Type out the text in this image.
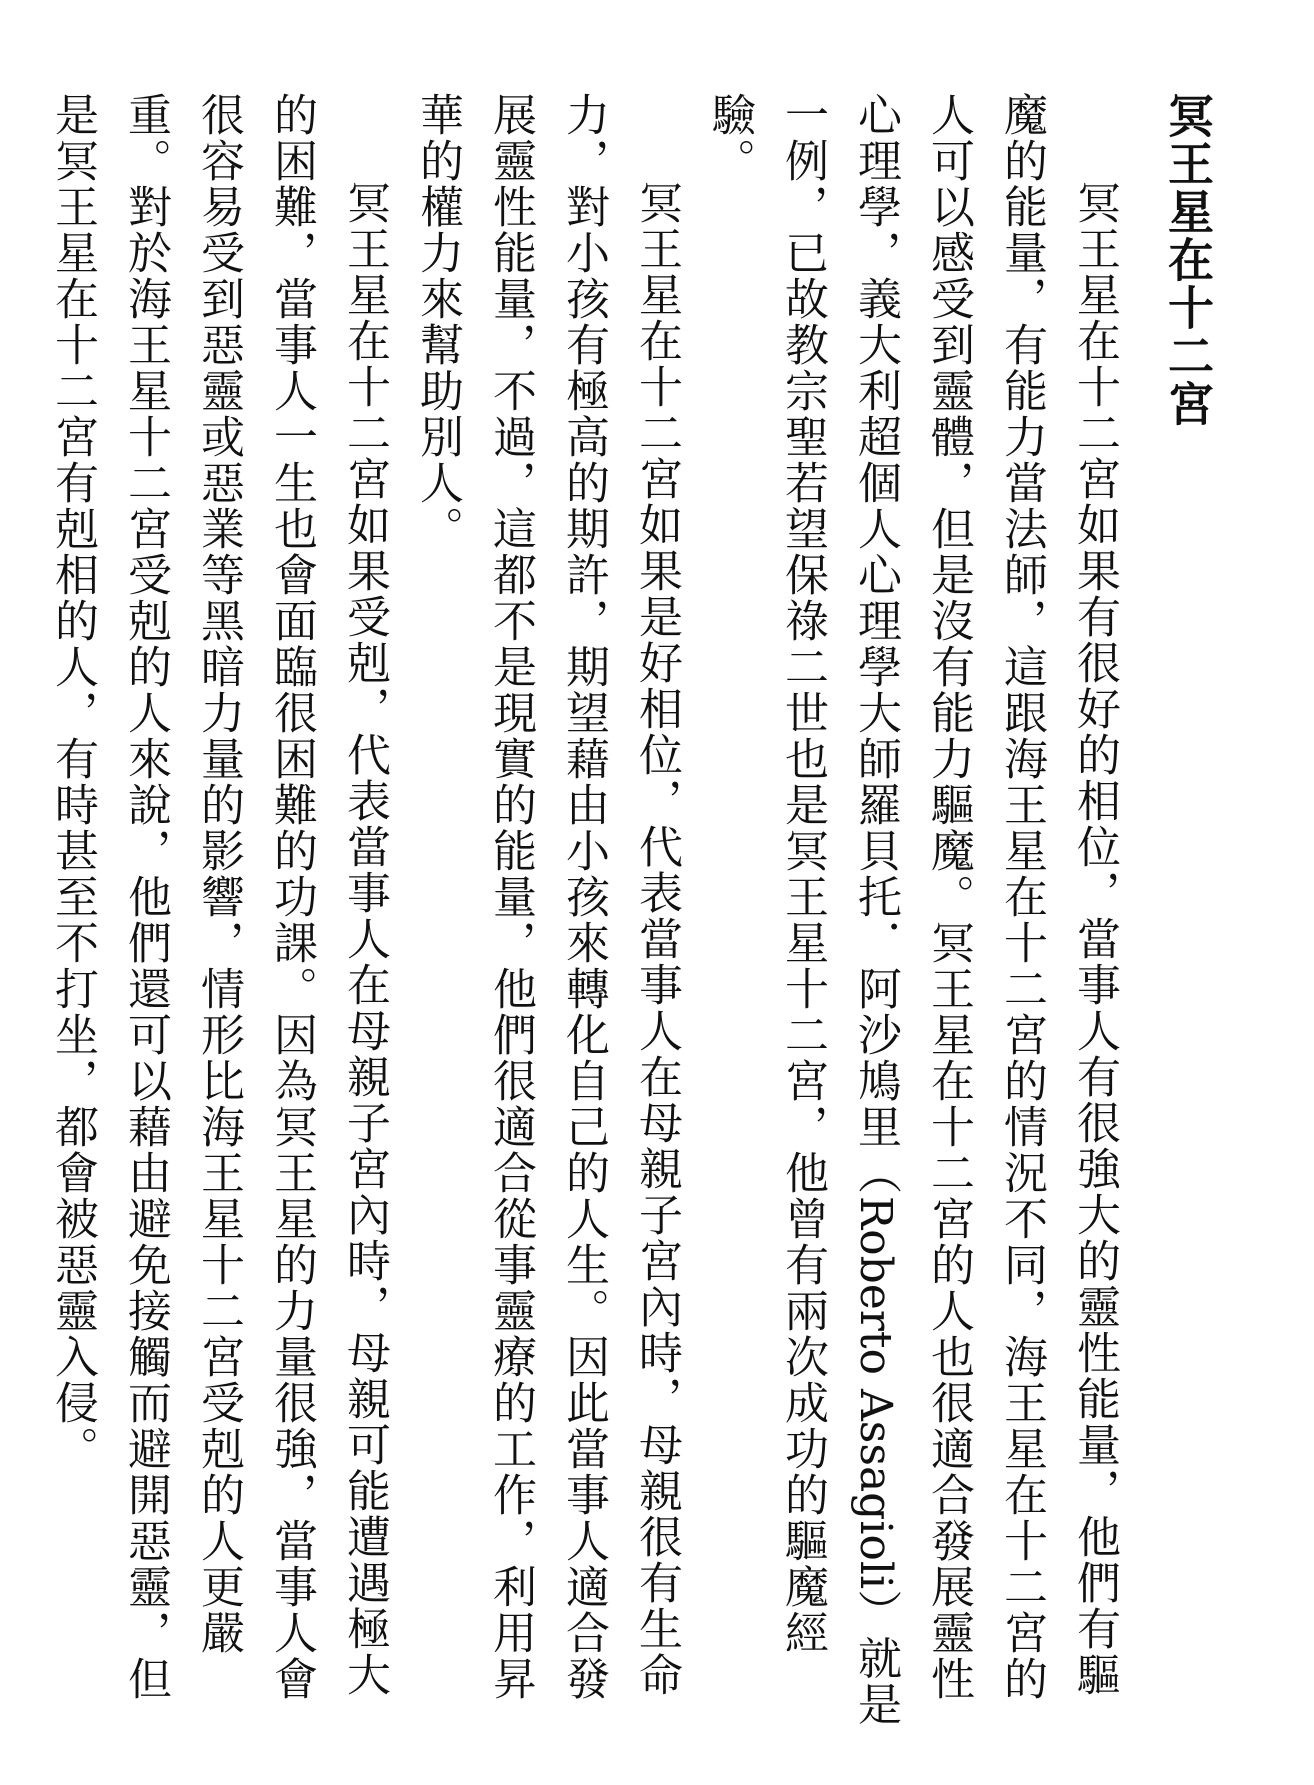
冥王星在十二宮

冥王星在十二宮如果有很好的相位，當事人有很強大的靈性能量，他們有驅魔的能量，有能力當法師，這跟海王星在十二宮的情況不同，海王星在十二宮的人可以感受到靈體，但是沒有能力驅魔。冥王星在十二宮的人也很適合發展靈性心理學，義大利超個人心理學大師羅貝托．阿沙鳩里（Roberto Assagioli）就是一例，已故教宗聖若望保祿二世也是冥王星十二宮，他曾有兩次成功的驅魔經驗。

冥王星在十二宮如果是好相位，代表當事人在母親子宮內時，母親很有生命力，對小孩有極高的期許，期望藉由小孩來轉化自己的人生。因此當事人適合發展靈性能量，不過，這都不是現實的能量，他們很適合從事靈療的工作，利用昇華的權力來幫助別人。

冥王星在十二宮如果受剋，代表當事人在母親子宮內時，母親可能遭遇極大的困難，當事人一生也會面臨很困難的功課。因為冥王星的力量很強，當事人會很容易受到惡靈或惡業等黑暗力量的影響，情形比海王星十二宮受剋的人更嚴重。對於海王星十二宮受剋的人來說，他們還可以藉由避免接觸而避開惡靈，但是冥王星在十二宮有剋相的人，有時甚至不打坐，都會被惡靈入侵。
